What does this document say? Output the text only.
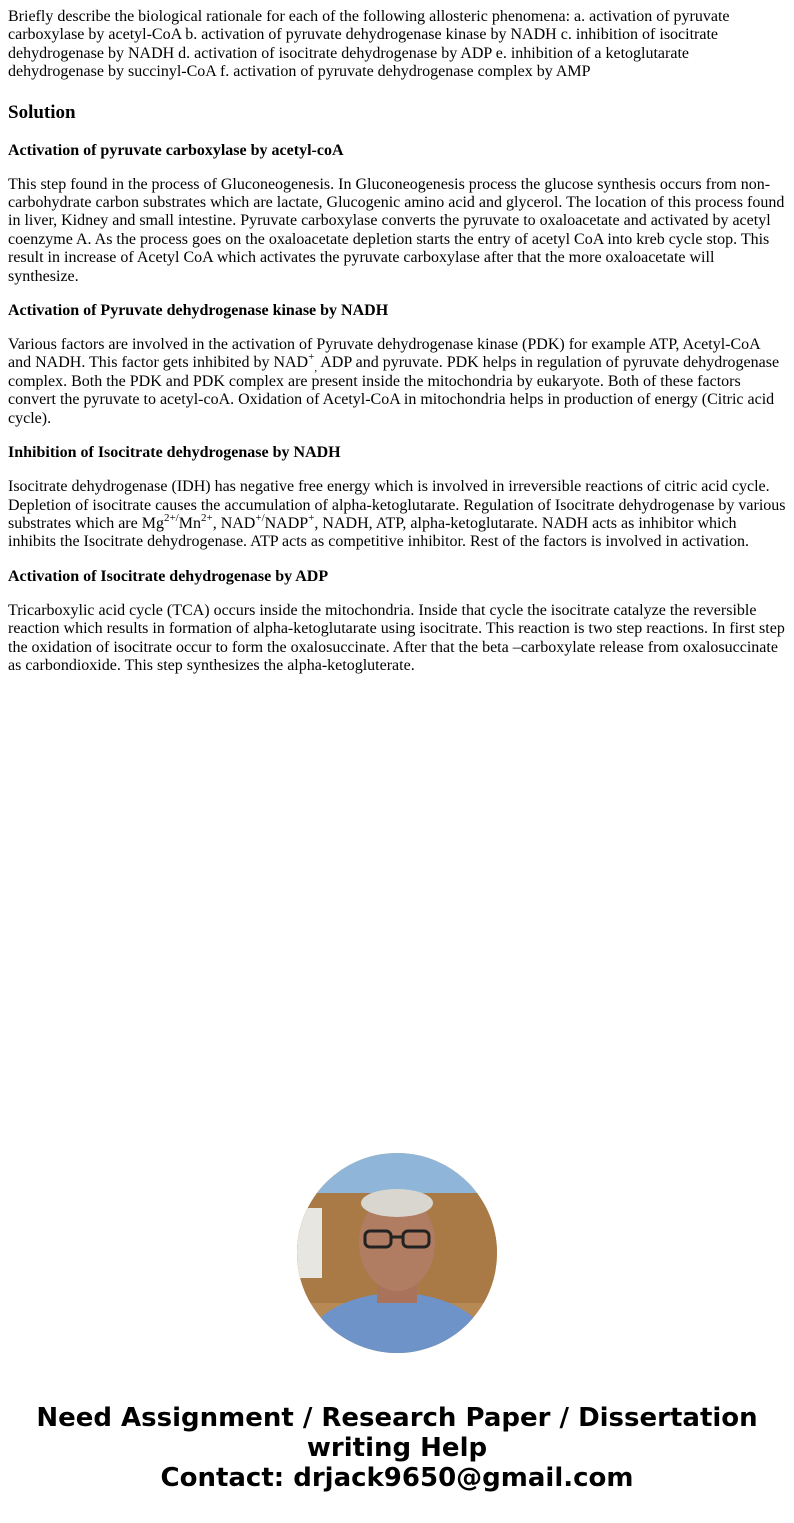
Briefly describe the biological rationale for each of the following allosteric phenomena: a. activation of pyruvate carboxylase by acetyl-CoA b. activation of pyruvate dehydrogenase kinase by NADH c. inhibition of isocitrate dehydrogenase by NADH d. activation of isocitrate dehydrogenase by ADP e. inhibition of a ketoglutarate dehydrogenase by succinyl-CoA f. activation of pyruvate dehydrogenase complex by AMP

Solution
Activation of pyruvate carboxylase by acetyl-coA

This step found in the process of Gluconeogenesis. In Gluconeogenesis process the glucose synthesis occurs from non-carbohydrate carbon substrates which are lactate, Glucogenic amino acid and glycerol. The location of this process found in liver, Kidney and small intestine. Pyruvate carboxylase converts the pyruvate to oxaloacetate and activated by acetyl coenzyme A. As the process goes on the oxaloacetate depletion starts the entry of acetyl CoA into kreb cycle stop. This result in increase of Acetyl CoA which activates the pyruvate carboxylase after that the more oxaloacetate will synthesize.

Activation of Pyruvate dehydrogenase kinase by NADH

Various factors are involved in the activation of Pyruvate dehydrogenase kinase (PDK) for example ATP, Acetyl-CoA and NADH. This factor gets inhibited by $NAD^+_,$ ADP and pyruvate. PDK helps in regulation of pyruvate dehydrogenase complex. Both the PDK and PDK complex are present inside the mitochondria by eukaryote. Both of these factors convert the pyruvate to acetyl-coA. Oxidation of Acetyl-CoA in mitochondria helps in production of energy (Citric acid cycle).

Inhibition of Isocitrate dehydrogenase by NADH

Isocitrate dehydrogenase (IDH) has negative free energy which is involved in irreversible reactions of citric acid cycle. Depletion of isocitrate causes the accumulation of alpha-ketoglutarate. Regulation of Isocitrate dehydrogenase by various substrates which are $Mg^{2+/}Mn^{2+}$, NAD+/NADP+, NADH, ATP, alpha-ketoglutarate. NADH acts as inhibitor which inhibits the Isocitrate dehydrogenase. ATP acts as competitive inhibitor. Rest of the factors is involved in activation.

Activation of Isocitrate dehydrogenase by ADP

Tricarboxylic acid cycle (TCA) occurs inside the mitochondria. Inside that cycle the isocitrate catalyze the reversible reaction which results in formation of alpha-ketoglutarate using isocitrate. This reaction is two step reactions. In first step the oxidation of isocitrate occur to form the oxalosuccinate. After that the beta –carboxylate release from oxalosuccinate as carbondioxide. This step synthesizes the alpha-ketogluterate.

Need Assignment / Research Paper / Dissertation
writing Help
Contact: drjack9650@gmail.com
